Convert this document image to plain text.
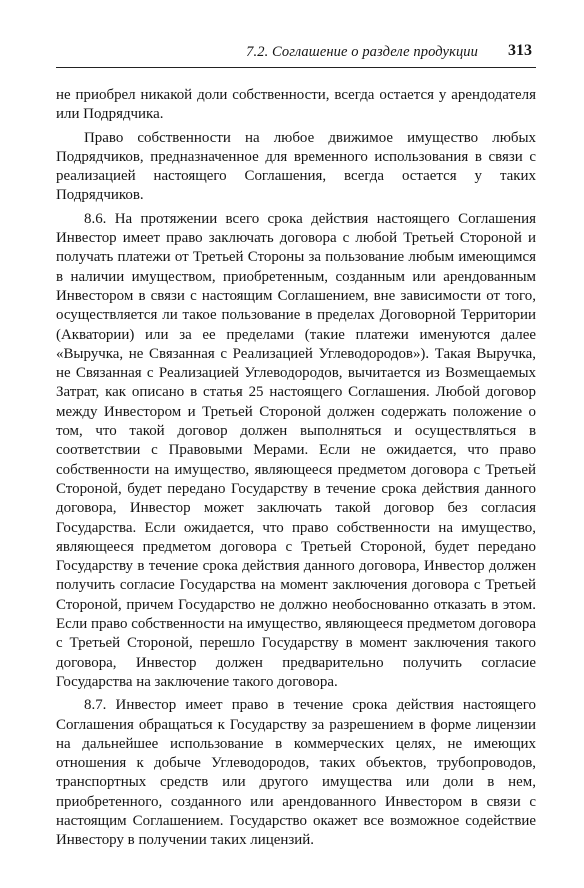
7.2. Соглашение о разделе продукции 313

не приобрел никакой доли собственности, всегда остается у арендодателя или Подрядчика.

Право собственности на любое движимое имущество любых Подрядчиков, предназначенное для временного использования в связи с реализацией настоящего Соглашения, всегда остается у таких Подрядчиков.

8.6. На протяжении всего срока действия настоящего Соглашения Инвестор имеет право заключать договора с любой Третьей Стороной и получать платежи от Третьей Стороны за пользование любым имеющимся в наличии имуществом, приобретенным, созданным или арендованным Инвестором в связи с настоящим Соглашением, вне зависимости от того, осуществляется ли такое пользование в пределах Договорной Территории (Акватории) или за ее пределами (такие платежи именуются далее «Выручка, не Связанная с Реализацией Углеводородов»). Такая Выручка, не Связанная с Реализацией Углеводородов, вычитается из Возмещаемых Затрат, как описано в статья 25 настоящего Соглашения. Любой договор между Инвестором и Третьей Стороной должен содержать положение о том, что такой договор должен выполняться и осуществляться в соответствии с Правовыми Мерами. Если не ожидается, что право собственности на имущество, являющееся предметом договора с Третьей Стороной, будет передано Государству в течение срока действия данного договора, Инвестор может заключать такой договор без согласия Государства. Если ожидается, что право собственности на имущество, являющееся предметом договора с Третьей Стороной, будет передано Государству в течение срока действия данного договора, Инвестор должен получить согласие Государства на момент заключения договора с Третьей Стороной, причем Государство не должно необоснованно отказать в этом. Если право собственности на имущество, являющееся предметом договора с Третьей Стороной, перешло Государству в момент заключения такого договора, Инвестор должен предварительно получить согласие Государства на заключение такого договора.

8.7. Инвестор имеет право в течение срока действия настоящего Соглашения обращаться к Государству за разрешением в форме лицензии на дальнейшее использование в коммерческих целях, не имеющих отношения к добыче Углеводородов, таких объектов, трубопроводов, транспортных средств или другого имущества или доли в нем, приобретенного, созданного или арендованного Инвестором в связи с настоящим Соглашением. Государство окажет все возможное содействие Инвестору в получении таких лицензий.
